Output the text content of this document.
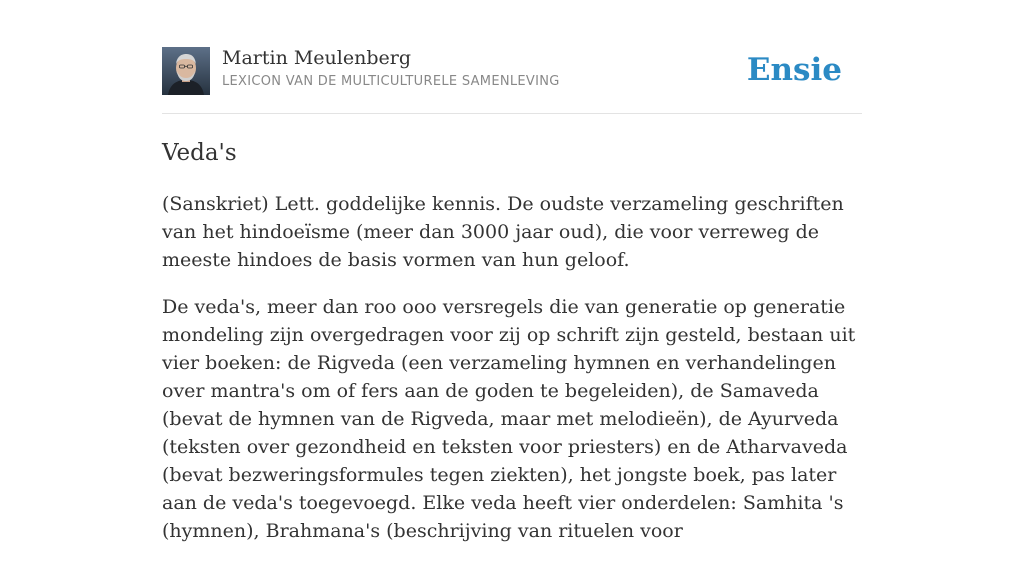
Martin Meulenberg
LEXICON VAN DE MULTICULTURELE SAMENLEVING	Ensie
Veda's

(Sanskriet) Lett. goddelijke kennis. De oudste verzameling geschriften van het hindoeïsme (meer dan 3000 jaar oud), die voor verreweg de meeste hindoes de basis vormen van hun geloof.

De veda's, meer dan roo ooo versregels die van generatie op generatie mondeling zijn overgedragen voor zij op schrift zijn gesteld, bestaan uit vier boeken: de Rigveda (een verzameling hymnen en verhandelingen over mantra's om of fers aan de goden te begeleiden), de Samaveda (bevat de hymnen van de Rigveda, maar met melodieën), de Ayurveda (teksten over gezondheid en teksten voor priesters) en de Atharvaveda (bevat bezweringsformules tegen ziekten), het jongste boek, pas later aan de veda's toegevoegd. Elke veda heeft vier onderdelen: Samhita 's (hymnen), Brahmana's (beschrijving van rituelen voor
